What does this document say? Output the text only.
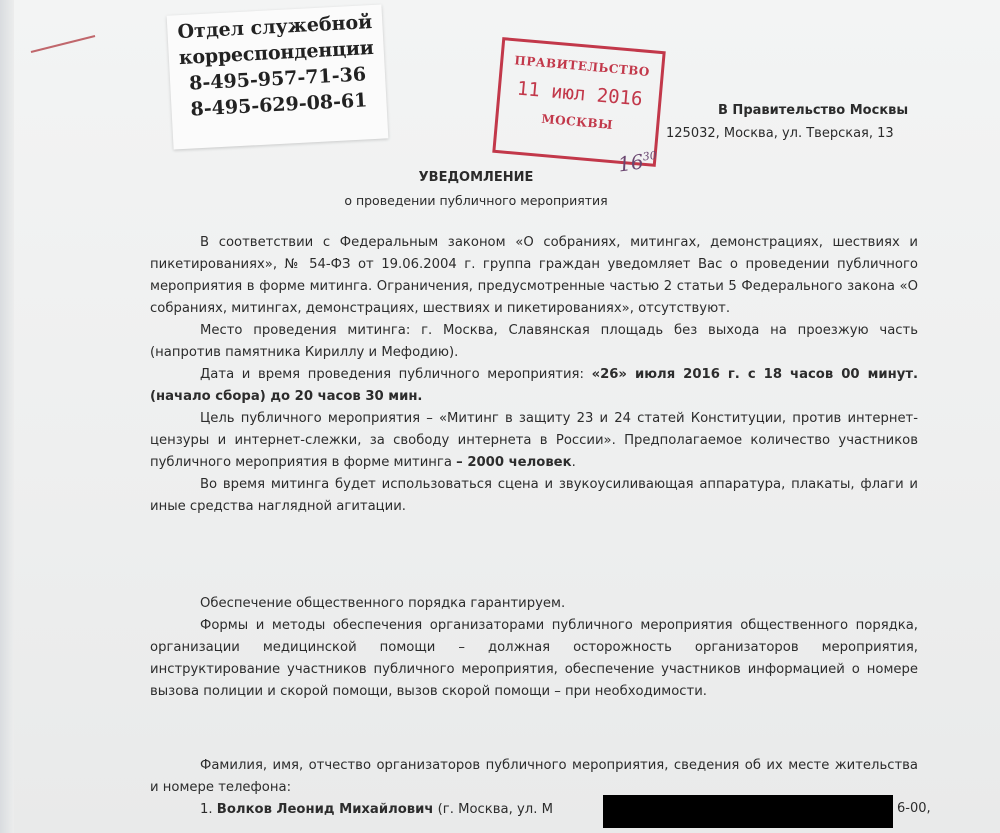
Отдел служебной
корреспонденции
8-495-957-71-36
8-495-629-08-61
ПРАВИТЕЛЬСТВО
11 июл 2016
МОСКВЫ
$16^{30}$
В Правительство Москвы
125032, Москва, ул. Тверская, 13
УВЕДОМЛЕНИЕ
о проведении публичного мероприятия

В соответствии с Федеральным законом «О собраниях, митингах, демонстрациях, шествиях и пикетированиях», № 54-ФЗ от 19.06.2004 г. группа граждан уведомляет Вас о проведении публичного мероприятия в форме митинга. Ограничения, предусмотренные частью 2 статьи 5 Федерального закона «О собраниях, митингах, демонстрациях, шествиях и пикетированиях», отсутствуют.

Место проведения митинга: г. Москва, Славянская площадь без выхода на проезжую часть (напротив памятника Кириллу и Мефодию).

Дата и время проведения публичного мероприятия: «26» июля 2016 г. с 18 часов 00 минут. (начало сбора) до 20 часов 30 мин.

Цель публичного мероприятия – «Митинг в защиту 23 и 24 статей Конституции, против интернет-цензуры и интернет-слежки, за свободу интернета в России». Предполагаемое количество участников публичного мероприятия в форме митинга – 2000 человек.

Во время митинга будет использоваться сцена и звукоусиливающая аппаратура, плакаты, флаги и иные средства наглядной агитации.

Обеспечение общественного порядка гарантируем.

Формы и методы обеспечения организаторами публичного мероприятия общественного порядка, организации медицинской помощи – должная осторожность организаторов мероприятия, инструктирование участников публичного мероприятия, обеспечение участников информацией о номере вызова полиции и скорой помощи, вызов скорой помощи – при необходимости.

Фамилия, имя, отчество организаторов публичного мероприятия, сведения об их месте жительства и номере телефона:

1. Волков Леонид Михайлович (г. Москва, ул. М	6-00,
